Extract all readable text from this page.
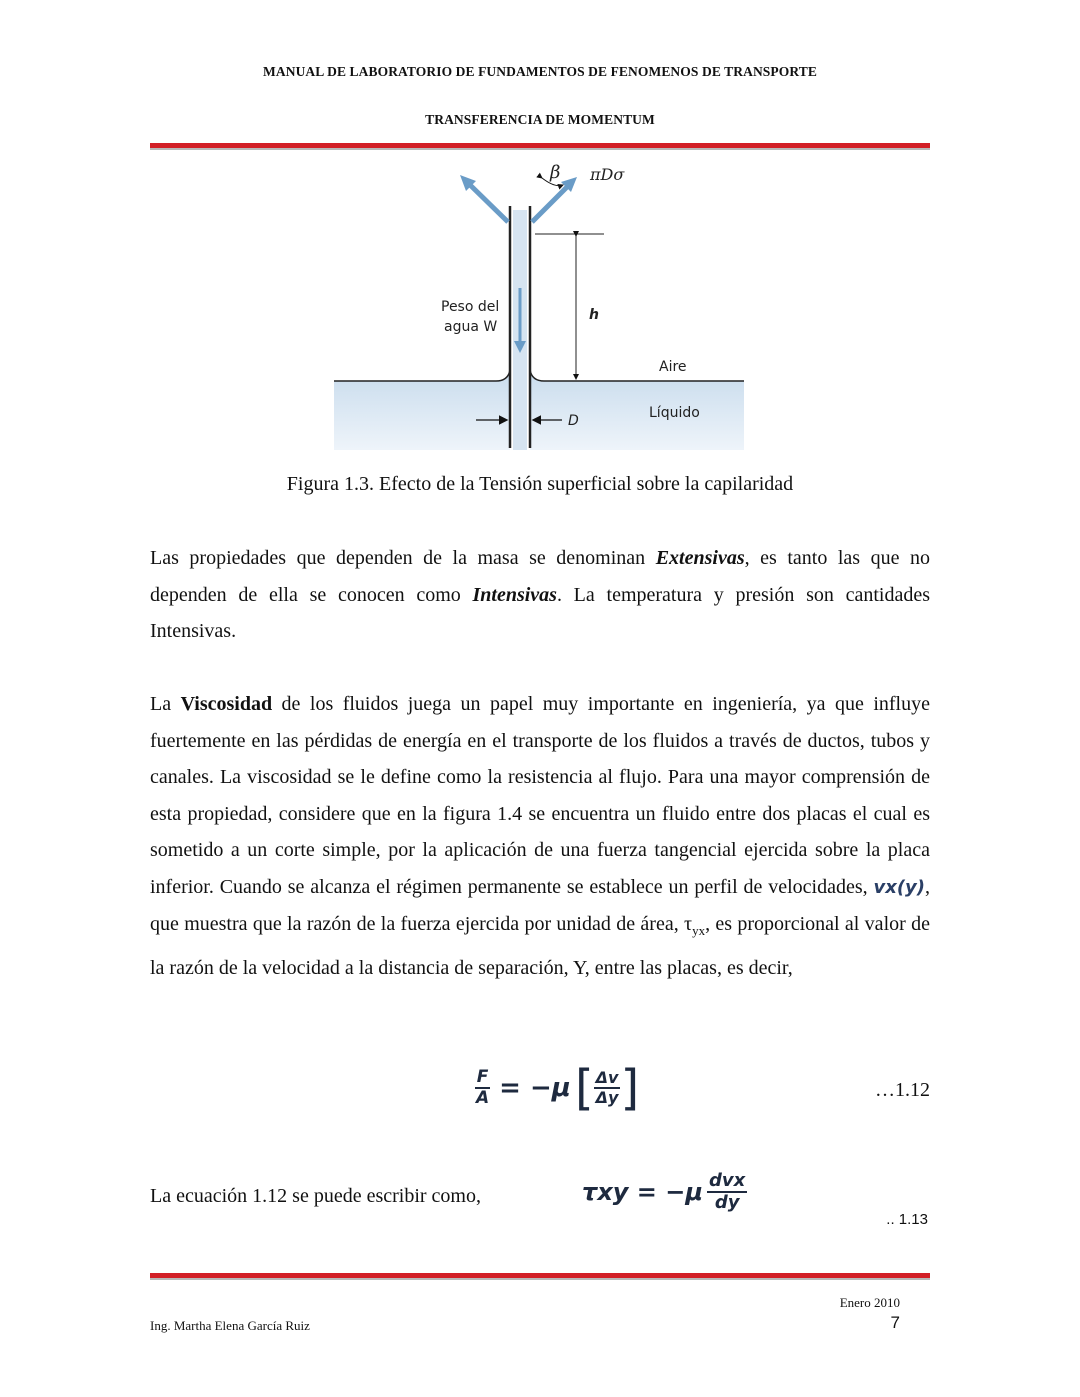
MANUAL DE LABORATORIO DE FUNDAMENTOS DE FENOMENOS DE TRANSPORTE
TRANSFERENCIA DE MOMENTUM
β πDσ
Peso del
agua W
h
Aire
Líquido
D
Figura 1.3. Efecto de la Tensión superficial sobre la capilaridad
Las propiedades que dependen de la masa se denominan Extensivas, es tanto las que no dependen de ella se conocen como Intensivas. La temperatura y presión son cantidades Intensivas.
La Viscosidad de los fluidos juega un papel muy importante en ingeniería, ya que influye fuertemente en las pérdidas de energía en el transporte de los fluidos a través de ductos, tubos y canales. La viscosidad se le define como la resistencia al flujo. Para una mayor comprensión de esta propiedad, considere que en la figura 1.4 se encuentra un fluido entre dos placas el cual es sometido a un corte simple, por la aplicación de una fuerza tangencial ejercida sobre la placa inferior. Cuando se alcanza el régimen permanente se establece un perfil de velocidades, vx(y), que muestra que la razón de la fuerza ejercida por unidad de área, $\tau_{yx}$, es proporcional al valor de la razón de la velocidad a la distancia de separación, Y, entre las placas, es decir,
$\frac{F}{A} = -\mu$ [ $\frac{\Delta v}{\Delta y}$ ]	…1.12
La ecuación 1.12 se puede escribir como,	$\tau xy = -\mu \frac{\text{dvx}}{dy}$
.. 1.13
Enero 2010
Ing. Martha Elena García Ruiz	7
